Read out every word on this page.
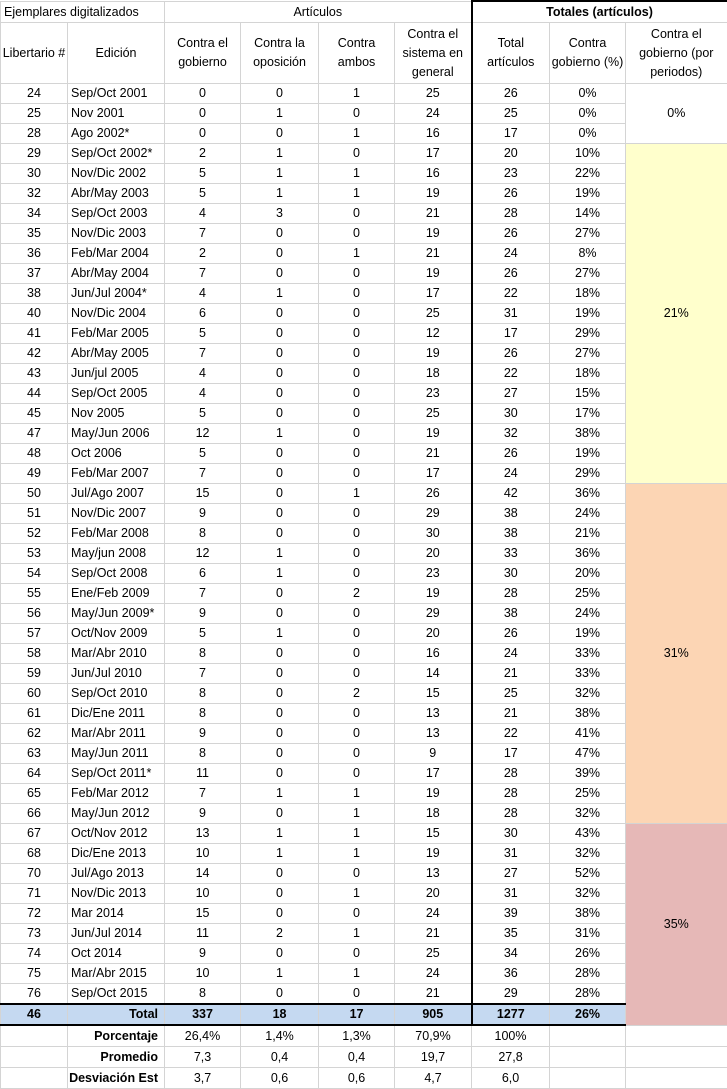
Ejemplares digitalizados		Artículos				Totales (artículos)			
Libertario #	Edición	Contra el gobierno	Contra la oposición	Contra ambos	Contra el sistema en general	Total artículos	Contra gobierno (%)	Contra el gobierno (por periodos)	
24	Sep/Oct 2001	0	0	1	25	26	0%	0%	
25	Nov 2001	0	1	0	24	25	0%		
28	Ago 2002*	0	0	1	16	17	0%		
29	Sep/Oct 2002*	2	1	0	17	20	10%	21%	
30	Nov/Dic 2002	5	1	1	16	23	22%		
32	Abr/May 2003	5	1	1	19	26	19%		
34	Sep/Oct 2003	4	3	0	21	28	14%		
35	Nov/Dic 2003	7	0	0	19	26	27%		
36	Feb/Mar 2004	2	0	1	21	24	8%		
37	Abr/May 2004	7	0	0	19	26	27%		
38	Jun/Jul 2004*	4	1	0	17	22	18%		
40	Nov/Dic 2004	6	0	0	25	31	19%		
41	Feb/Mar 2005	5	0	0	12	17	29%		
42	Abr/May 2005	7	0	0	19	26	27%		
43	Jun/jul 2005	4	0	0	18	22	18%		
44	Sep/Oct 2005	4	0	0	23	27	15%		
45	Nov 2005	5	0	0	25	30	17%		
47	May/Jun 2006	12	1	0	19	32	38%		
48	Oct 2006	5	0	0	21	26	19%		
49	Feb/Mar 2007	7	0	0	17	24	29%		
50	Jul/Ago 2007	15	0	1	26	42	36%	31%	
51	Nov/Dic 2007	9	0	0	29	38	24%		
52	Feb/Mar 2008	8	0	0	30	38	21%		
53	May/jun 2008	12	1	0	20	33	36%		
54	Sep/Oct 2008	6	1	0	23	30	20%		
55	Ene/Feb 2009	7	0	2	19	28	25%		
56	May/Jun 2009*	9	0	0	29	38	24%		
57	Oct/Nov 2009	5	1	0	20	26	19%		
58	Mar/Abr 2010	8	0	0	16	24	33%		
59	Jun/Jul 2010	7	0	0	14	21	33%		
60	Sep/Oct 2010	8	0	2	15	25	32%		
61	Dic/Ene 2011	8	0	0	13	21	38%		
62	Mar/Abr 2011	9	0	0	13	22	41%		
63	May/Jun 2011	8	0	0	9	17	47%		
64	Sep/Oct 2011*	11	0	0	17	28	39%		
65	Feb/Mar 2012	7	1	1	19	28	25%		
66	May/Jun 2012	9	0	1	18	28	32%		
67	Oct/Nov 2012	13	1	1	15	30	43%	35%	
68	Dic/Ene 2013	10	1	1	19	31	32%		
70	Jul/Ago 2013	14	0	0	13	27	52%		
71	Nov/Dic 2013	10	0	1	20	31	32%		
72	Mar 2014	15	0	0	24	39	38%		
73	Jun/Jul 2014	11	2	1	21	35	31%		
74	Oct 2014	9	0	0	25	34	26%		
75	Mar/Abr 2015	10	1	1	24	36	28%		
76	Sep/Oct 2015	8	0	0	21	29	28%		
46	Total	337	18	17	905	1277	26%		
	Porcentaje	26,4%	1,4%	1,3%	70,9%	100%			
	Promedio	7,3	0,4	0,4	19,7	27,8			
	Desviación Est	3,7	0,6	0,6	4,7	6,0			
